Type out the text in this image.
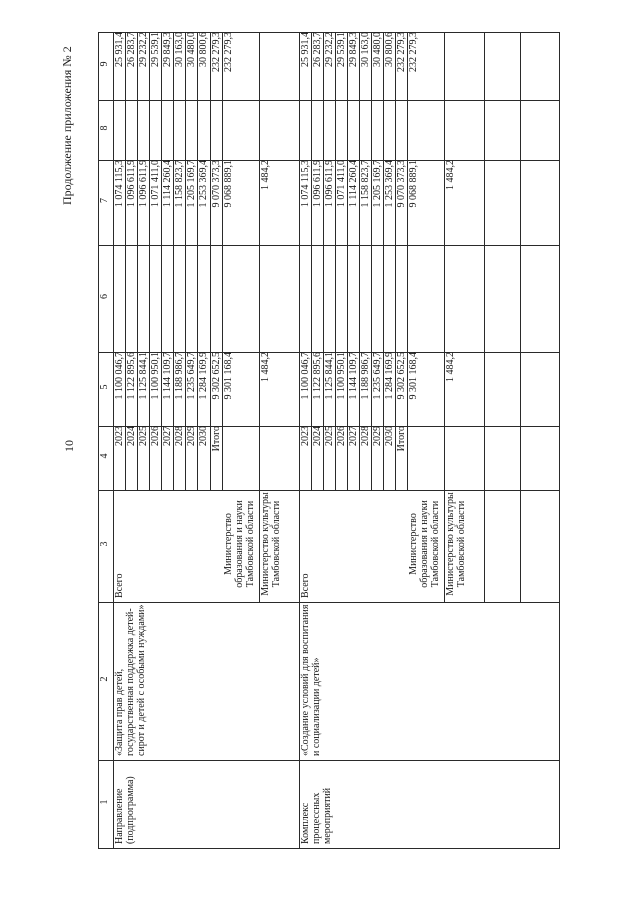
10
Продолжение приложения № 2
1
2
3
4
5
6
7
8
9
Направление (подпрограмма)
«Защита прав детей, государственная поддержка детей-сирот и детей с особыми нуждами»
Всего
2023
1 100 046,7
1 074 115,3
25 931,4
2024
1 122 895,6
1 096 611,9
26 283,7
2025
1 125 844,1
1 096 611,9
29 232,2
2026
1 100 950,1
1 071 411,0
29 539,1
2027
1 144 109,7
1 114 260,4
29 849,3
2028
1 188 986,7
1 158 823,7
30 163,0
2029
1 235 649,7
1 205 169,7
30 480,0
2030
1 284 169,9
1 253 369,4
30 800,6
Итого
9 302 652,5
9 070 373,3
232 279,3
Министерство образования и науки Тамбовской области
9 301 168,4
9 068 889,1
232 279,3
Министерство культуры Тамбовской области
1 484,2
1 484,2
Комплекс процессных мероприятий
«Создание условий для воспитания и социализации детей»
Всего
2023
1 100 046,7
1 074 115,3
25 931,4
2024
1 122 895,6
1 096 611,9
26 283,7
2025
1 125 844,1
1 096 611,9
29 232,2
2026
1 100 950,1
1 071 411,0
29 539,1
2027
1 144 109,7
1 114 260,4
29 849,3
2028
1 188 986,7
1 158 823,7
30 163,0
2029
1 235 649,7
1 205 169,7
30 480,0
2030
1 284 169,9
1 253 369,4
30 800,6
Итого
9 302 652,5
9 070 373,3
232 279,3
Министерство образования и науки Тамбовской области
9 301 168,4
9 068 889,1
232 279,3
Министерство культуры Тамбовской области
1 484,2
1 484,2
